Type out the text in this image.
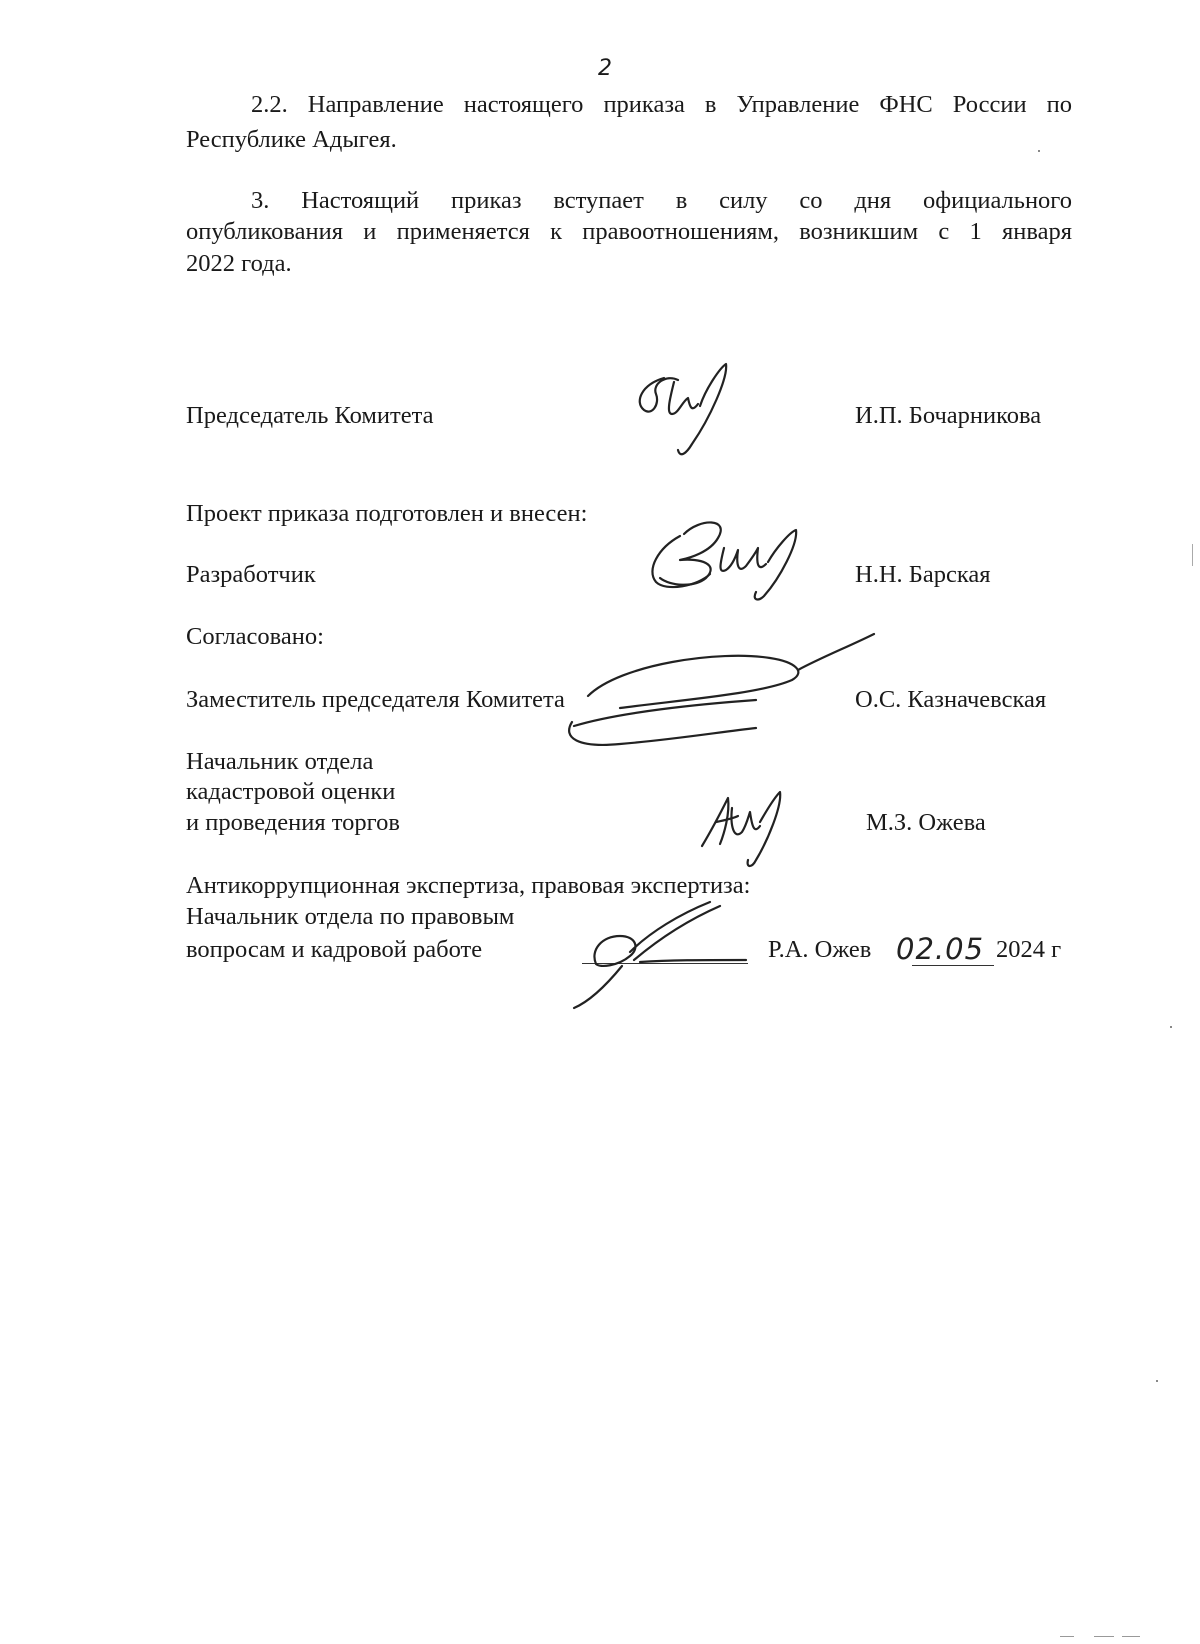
2
2.2. Направление настоящего приказа в Управление ФНС России по
Республике Адыгея.
3. Настоящий приказ вступает в силу со дня официального
опубликования и применяется к правоотношениям, возникшим с 1 января
2022 года.
Председатель Комитета	И.П. Бочарникова
Проект приказа подготовлен и внесен:
Разработчик	Н.Н. Барская
Согласовано:
Заместитель председателя Комитета	О.С. Казначевская
Начальник отдела
кадастровой оценки
и проведения торгов	М.З. Ожева
Антикоррупционная экспертиза, правовая экспертиза:
Начальник отдела по правовым
вопросам и кадровой работе	Р.А. Ожев 02.05 2024 г
